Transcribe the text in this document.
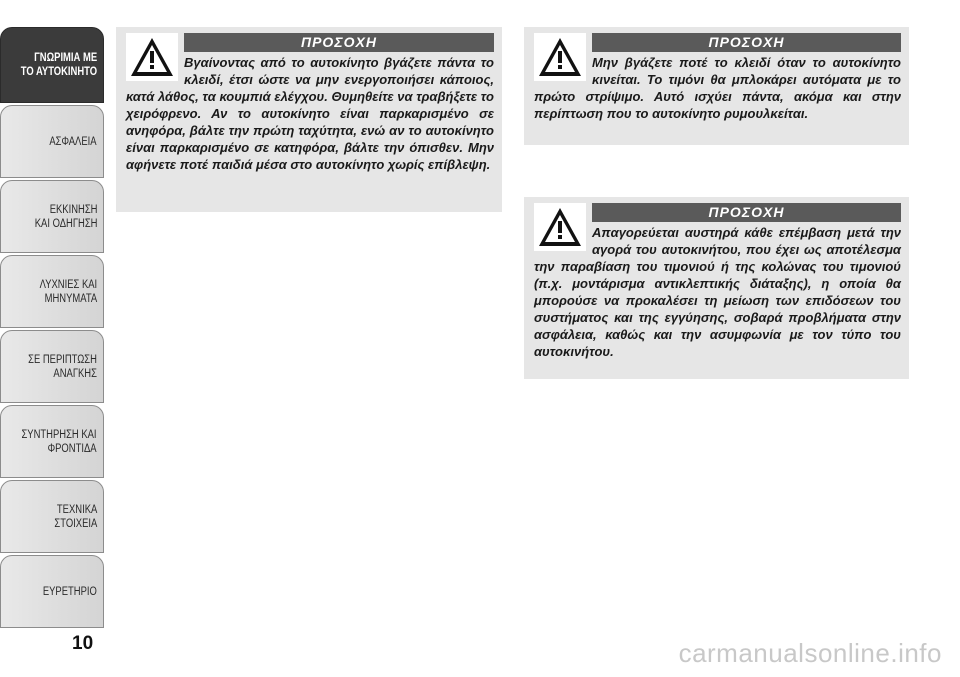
ΓΝΩΡΙΜΙΑ ΜΕ
ΤΟ ΑΥΤΟΚΙΝΗΤΟ
ΑΣΦΑΛΕΙΑ
ΕΚΚΙΝΗΣΗ
ΚΑΙ ΟΔΗΓΗΣΗ
ΛΥΧΝΙΕΣ ΚΑΙ
ΜΗΝΥΜΑΤΑ
ΣΕ ΠΕΡΙΠΤΩΣΗ
ΑΝΑΓΚΗΣ
ΣΥΝΤΗΡΗΣΗ ΚΑΙ
ΦΡΟΝΤΙΔΑ
ΤΕΧΝΙΚΑ
ΣΤΟΙΧΕΙΑ
ΕΥΡΕΤΗΡΙΟ
10
ΠΡΟΣΟΧΗ

Βγαίνοντας από το αυτοκίνητο βγάζετε πάντα το κλειδί, έτσι ώστε να μην ενεργοποιήσει κάποιος, κατά λάθος, τα κουμπιά ελέγχου. Θυμηθείτε να τραβήξετε το χειρόφρενο. Αν το αυτοκίνητο είναι παρκαρισμένο σε ανηφόρα, βάλτε την πρώτη ταχύτητα, ενώ αν το αυτοκίνητο είναι παρκαρισμένο σε κατηφόρα, βάλτε την όπισθεν. Μην αφήνετε ποτέ παιδιά μέσα στο αυτοκίνητο χωρίς επίβλεψη.

ΠΡΟΣΟΧΗ

Μην βγάζετε ποτέ το κλειδί όταν το αυτοκίνητο κινείται. Το τιμόνι θα μπλοκάρει αυτόματα με το πρώτο στρίψιμο. Αυτό ισχύει πάντα, ακόμα και στην περίπτωση που το αυτοκίνητο ρυμουλκείται.

ΠΡΟΣΟΧΗ

Απαγορεύεται αυστηρά κάθε επέμβαση μετά την αγορά του αυτοκινήτου, που έχει ως αποτέλεσμα την παραβίαση του τιμονιού ή της κολώνας του τιμονιού (π.χ. μοντάρισμα αντικλεπτικής διάταξης), η οποία θα μπορούσε να προκαλέσει τη μείωση των επιδόσεων του συστήματος και της εγγύησης, σοβαρά προβλήματα στην ασφάλεια, καθώς και την ασυμφωνία με τον τύπο του αυτοκινήτου.

carmanualsonline.info
